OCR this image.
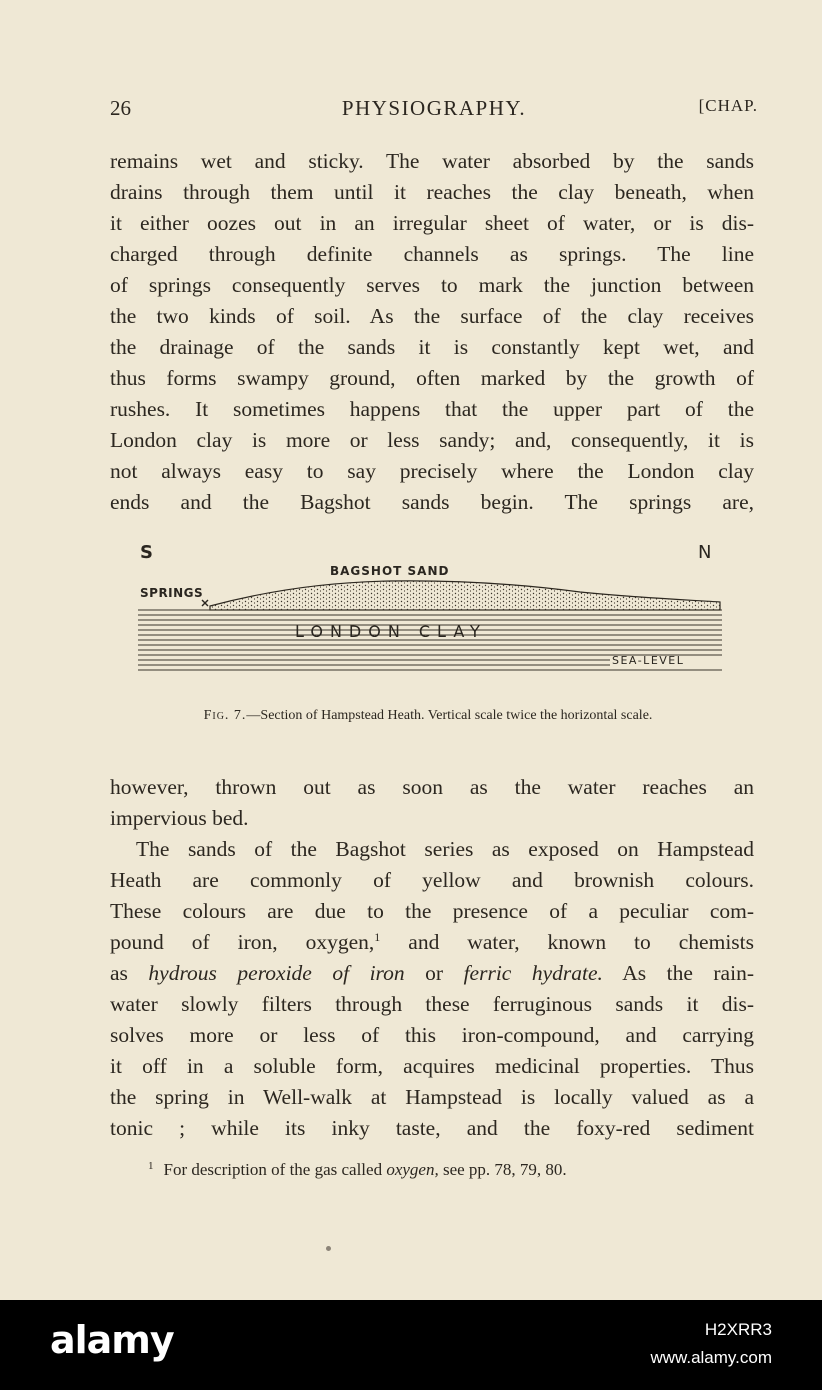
26	PHYSIOGRAPHY.	[CHAP.

remains wet and sticky. The water absorbed by the sands
drains through them until it reaches the clay beneath, when
it either oozes out in an irregular sheet of water, or is dis-
charged through definite channels as springs. The line
of springs consequently serves to mark the junction between
the two kinds of soil. As the surface of the clay receives
the drainage of the sands it is constantly kept wet, and
thus forms swampy ground, often marked by the growth of
rushes. It sometimes happens that the upper part of the
London clay is more or less sandy; and, consequently, it is
not always easy to say precisely where the London clay
ends and the Bagshot sands begin. The springs are,

S	N
BAGSHOT SAND
SPRINGS
LONDON CLAY
SEA-LEVEL
Fig. 7.—Section of Hampstead Heath. Vertical scale twice the horizontal scale.

however, thrown out as soon as the water reaches an
impervious bed.

The sands of the Bagshot series as exposed on Hampstead
Heath are commonly of yellow and brownish colours.
These colours are due to the presence of a peculiar com-
pound of iron, oxygen,$^1$ and water, known to chemists
as hydrous peroxide of iron or ferric hydrate. As the rain-
water slowly filters through these ferruginous sands it dis-
solves more or less of this iron-compound, and carrying
it off in a soluble form, acquires medicinal properties. Thus
the spring in Well-walk at Hampstead is locally valued as a
tonic ; while its inky taste, and the foxy-red sediment

$^1$ For description of the gas called oxygen, see pp. 78, 79, 80.
alamy	H2XRR3
www.alamy.com
